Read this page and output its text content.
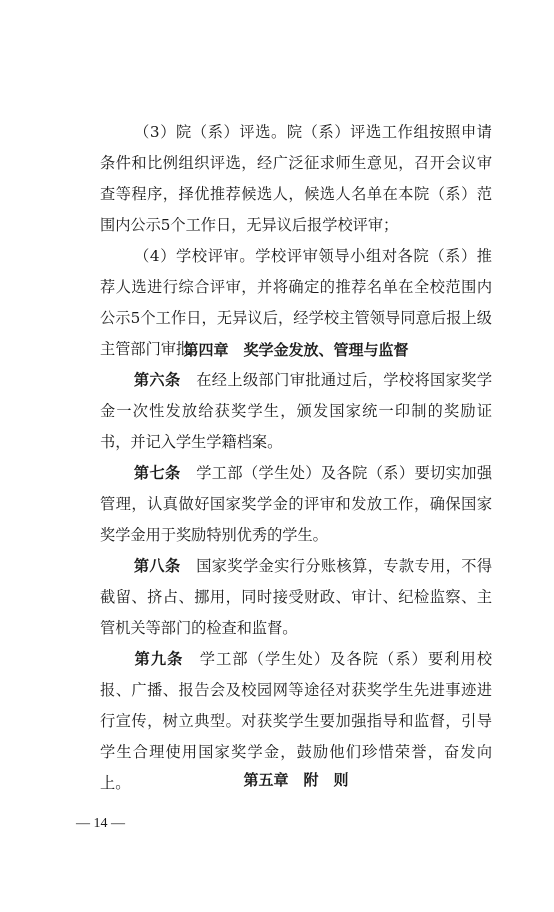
（3）院（系）评选。院（系）评选工作组按照申请条件和比例组织评选，经广泛征求师生意见，召开会议审查等程序，择优推荐候选人，候选人名单在本院（系）范围内公示5个工作日，无异议后报学校评审；

（4）学校评审。学校评审领导小组对各院（系）推荐人选进行综合评审，并将确定的推荐名单在全校范围内公示5个工作日，无异议后，经学校主管领导同意后报上级主管部门审批。

第四章　奖学金发放、管理与监督

第六条　 在经上级部门审批通过后，学校将国家奖学金一次性发放给获奖学生，颁发国家统一印制的奖励证书，并记入学生学籍档案。

第七条　 学工部（学生处）及各院（系）要切实加强管理，认真做好国家奖学金的评审和发放工作，确保国家奖学金用于奖励特别优秀的学生。

第八条　 国家奖学金实行分账核算，专款专用，不得截留、挤占、挪用，同时接受财政、审计、纪检监察、主管机关等部门的检查和监督。

第九条　 学工部（学生处）及各院（系）要利用校报、广播、报告会及校园网等途径对获奖学生先进事迹进行宣传，树立典型。对获奖学生要加强指导和监督，引导学生合理使用国家奖学金，鼓励他们珍惜荣誉，奋发向上。	第五章　附　则
— 14 —
